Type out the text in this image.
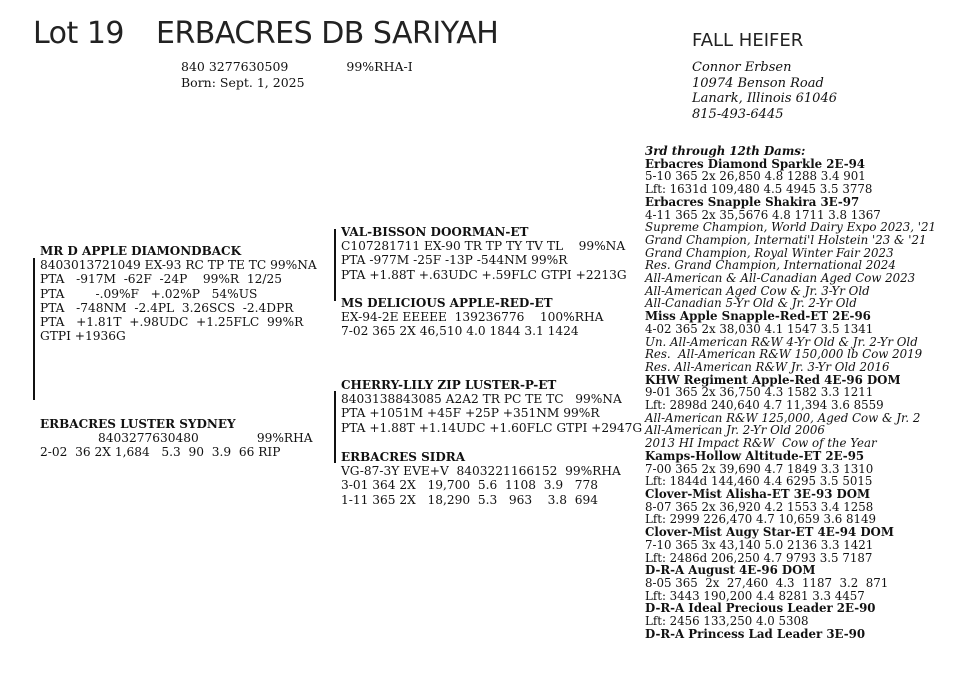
Lot 19 ERBACRES DB SARIYAH	FALL HEIFER
840 3277630509	99%RHA-I
Born: Sept. 1, 2025
Connor Erbsen
10974 Benson Road
Lanark, Illinois 61046
815-493-6445
MR D APPLE DIAMONDBACK
8403013721049 EX-93 RC TP TE TC 99%NA
PTA   -917M  -62F  -24P    99%R  12/25
PTA        -.09%F   +.02%P   54%US
PTA   -748NM  -2.4PL  3.26SCS  -2.4DPR
PTA   +1.81T  +.98UDC  +1.25FLC  99%R
GTPI +1936G
ERBACRES LUSTER SYDNEY
8403277630480	99%RHA
2-02  36 2X 1,684   5.3  90  3.9  66 RIP
VAL-BISSON DOORMAN-ET
C107281711 EX-90 TR TP TY TV TL    99%NA
PTA -977M -25F -13P -544NM 99%R
PTA +1.88T +.63UDC +.59FLC GTPI +2213G
MS DELICIOUS APPLE-RED-ET
EX-94-2E EEEEE  139236776    100%RHA
7-02 365 2X 46,510 4.0 1844 3.1 1424
CHERRY-LILY ZIP LUSTER-P-ET
8403138843085 A2A2 TR PC TE TC   99%NA
PTA +1051M +45F +25P +351NM 99%R
PTA +1.88T +1.14UDC +1.60FLC GTPI +2947G
ERBACRES SIDRA
VG-87-3Y EVE+V  8403221166152  99%RHA
3-01 364 2X   19,700  5.6  1108  3.9   778
1-11 365 2X   18,290  5.3   963    3.8  694
3rd through 12th Dams:
Erbacres Diamond Sparkle 2E-94
5-10 365 2x 26,850 4.8 1288 3.4 901
Lft: 1631d 109,480 4.5 4945 3.5 3778
Erbacres Snapple Shakira 3E-97
4-11 365 2x 35,5676 4.8 1711 3.8 1367
Supreme Champion, World Dairy Expo 2023, '21
Grand Champion, Internati'l Holstein '23 & '21
Grand Champion, Royal Winter Fair 2023
Res. Grand Champion, International 2024
All-American & All-Canadian Aged Cow 2023
All-American Aged Cow & Jr. 3-Yr Old
All-Canadian 5-Yr Old & Jr. 2-Yr Old
Miss Apple Snapple-Red-ET 2E-96
4-02 365 2x 38,030 4.1 1547 3.5 1341
Un. All-American R&W 4-Yr Old & Jr. 2-Yr Old
Res.  All-American R&W 150,000 lb Cow 2019
Res. All-American R&W Jr. 3-Yr Old 2016
KHW Regiment Apple-Red 4E-96 DOM
9-01 365 2x 36,750 4.3 1582 3.3 1211
Lft: 2898d 240,640 4.7 11,394 3.6 8559
All-American R&W 125,000, Aged Cow & Jr. 2
All-American Jr. 2-Yr Old 2006
2013 HI Impact R&W  Cow of the Year
Kamps-Hollow Altitude-ET 2E-95
7-00 365 2x 39,690 4.7 1849 3.3 1310
Lft: 1844d 144,460 4.4 6295 3.5 5015
Clover-Mist Alisha-ET 3E-93 DOM
8-07 365 2x 36,920 4.2 1553 3.4 1258
Lft: 2999 226,470 4.7 10,659 3.6 8149
Clover-Mist Augy Star-ET 4E-94 DOM
7-10 365 3x 43,140 5.0 2136 3.3 1421
Lft: 2486d 206,250 4.7 9793 3.5 7187
D-R-A August 4E-96 DOM
8-05 365  2x  27,460  4.3  1187  3.2  871
Lft: 3443 190,200 4.4 8281 3.3 4457
D-R-A Ideal Precious Leader 2E-90
Lft: 2456 133,250 4.0 5308
D-R-A Princess Lad Leader 3E-90
